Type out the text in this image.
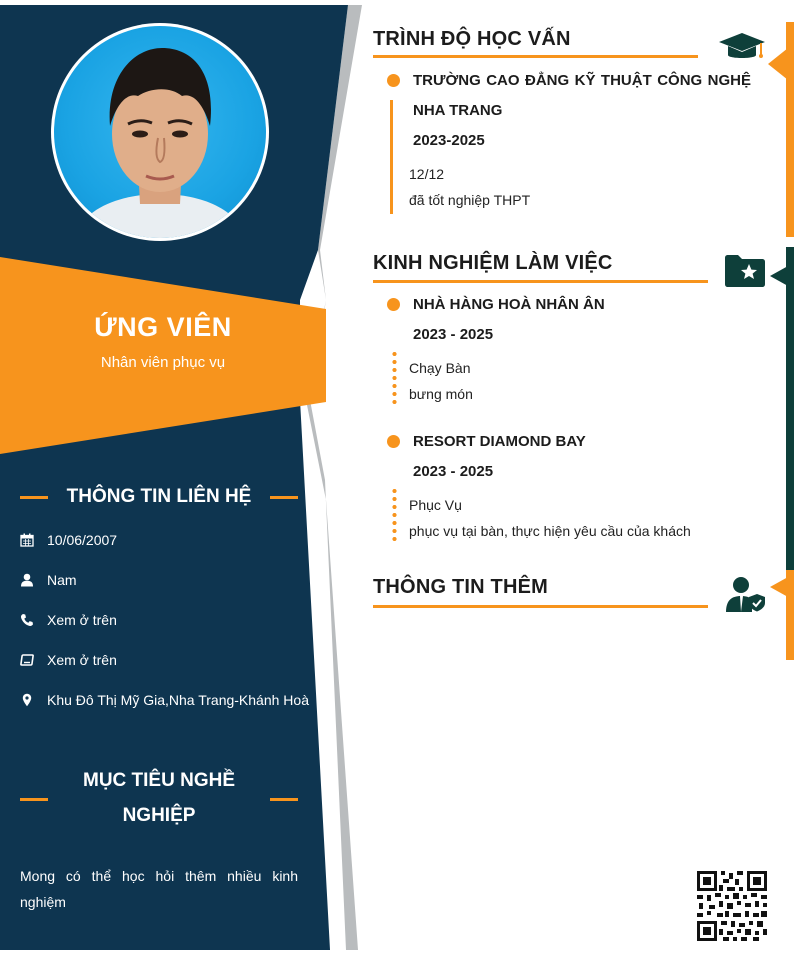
ỨNG VIÊN
Nhân viên phục vụ
THÔNG TIN LIÊN HỆ
10/06/2007
Nam
Xem ở trên
Xem ở trên
Khu Đô Thị Mỹ Gia,Nha Trang-Khánh Hoà
MỤC TIÊU NGHỀ NGHIỆP
Mong có thể học hỏi thêm nhiều kinh nghiệm
TRÌNH ĐỘ HỌC VẤN
TRƯỜNG CAO ĐẲNG KỸ THUẬT CÔNG NGHỆ
NHA TRANG
2023-2025
12/12
đã tốt nghiệp THPT
KINH NGHIỆM LÀM VIỆC
NHÀ HÀNG HOÀ NHÂN ÂN
2023 - 2025
Chạy Bàn
bưng món
RESORT DIAMOND BAY
2023 - 2025
Phục Vụ
phục vụ tại bàn, thực hiện yêu cầu của khách
THÔNG TIN THÊM
